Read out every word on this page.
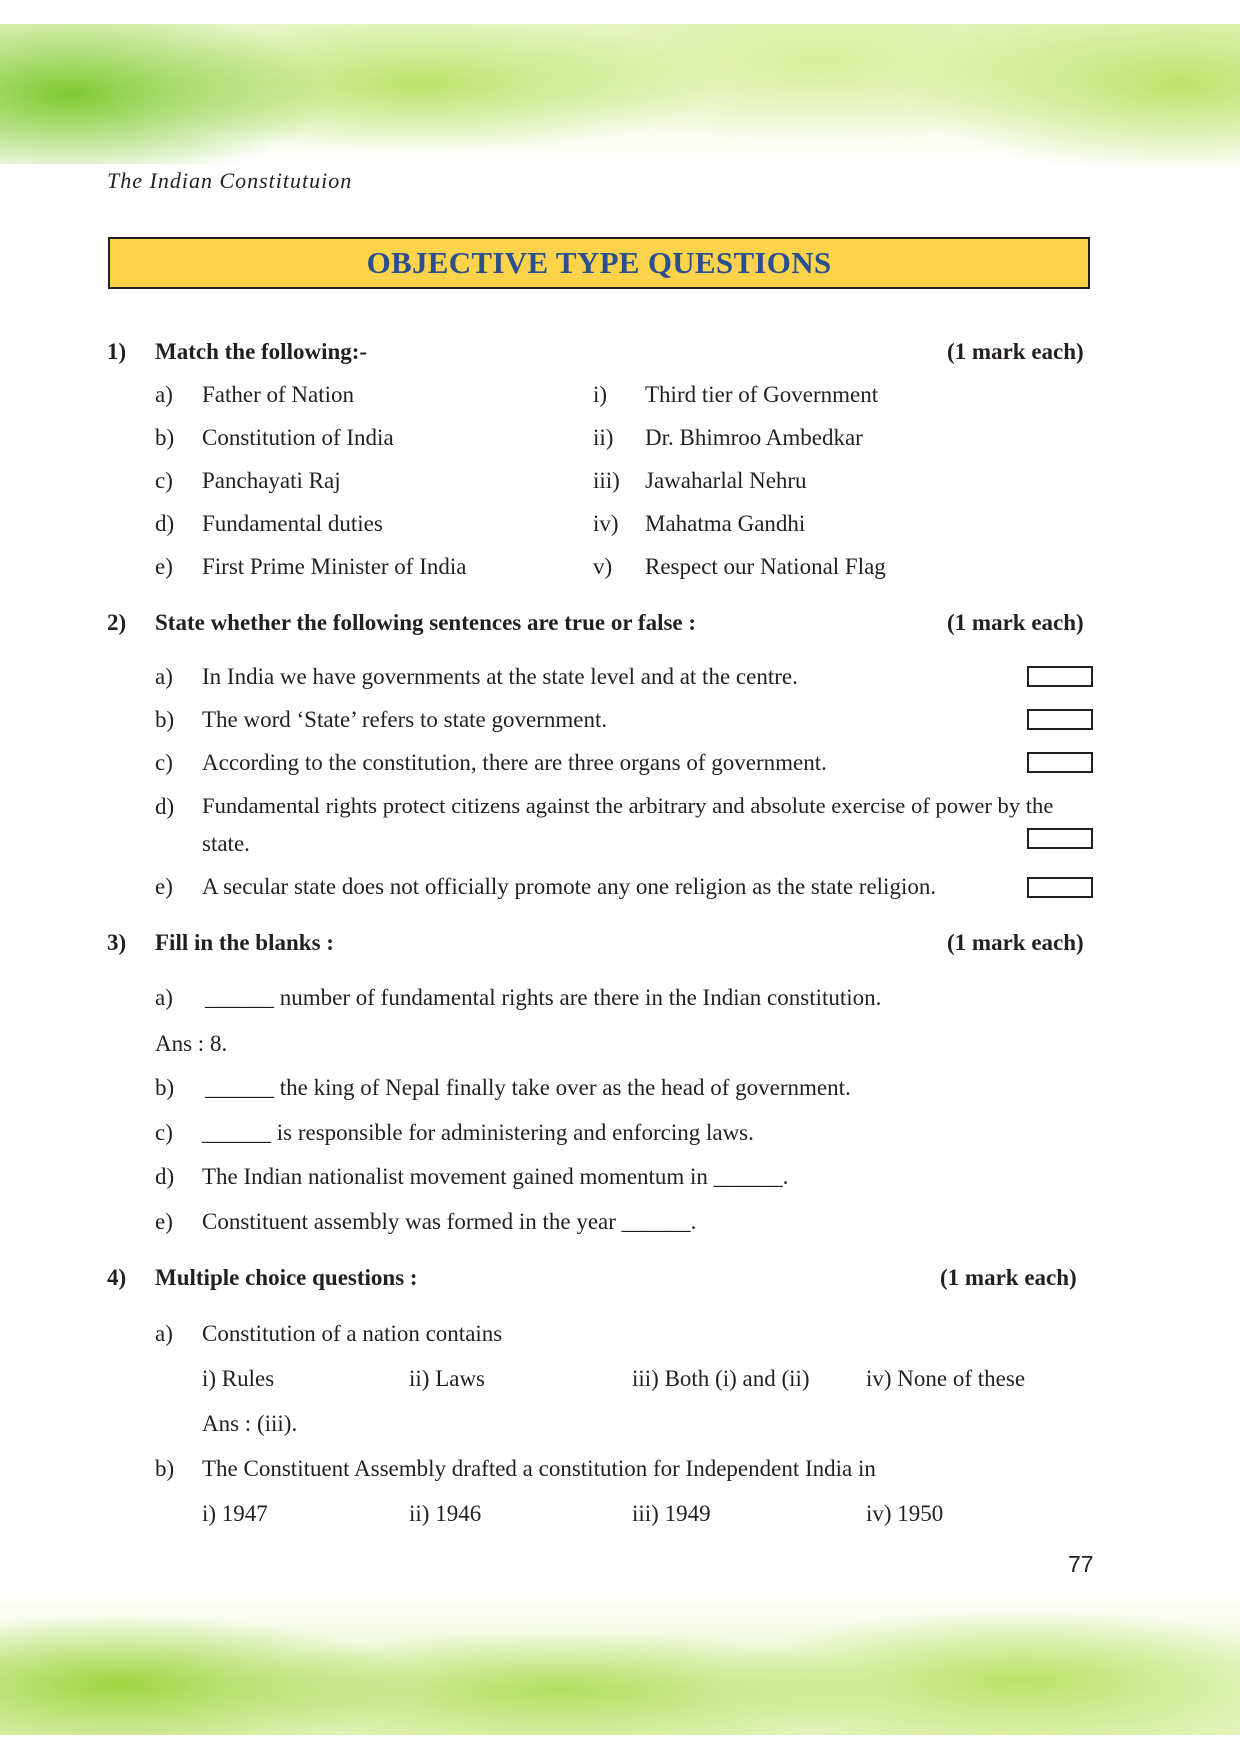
The Indian Constitutuion
OBJECTIVE TYPE QUESTIONS
1) Match the following:-	(1 mark each)
a) Father of Nation	i) Third tier of Government
b) Constitution of India	ii) Dr. Bhimroo Ambedkar
c) Panchayati Raj	iii) Jawaharlal Nehru
d) Fundamental duties	iv) Mahatma Gandhi
e) First Prime Minister of India	v) Respect our National Flag
2) State whether the following sentences are true or false :	(1 mark each)
a) In India we have governments at the state level and at the centre.
b) The word ‘State’ refers to state government.
c) According to the constitution, there are three organs of government.
d) Fundamental rights protect citizens against the arbitrary and absolute exercise of power by the
state.
e) A secular state does not officially promote any one religion as the state religion.
3) Fill in the blanks :	(1 mark each)
a) ______ number of fundamental rights are there in the Indian constitution.
Ans : 8.
b) ______ the king of Nepal finally take over as the head of government.
c) ______ is responsible for administering and enforcing laws.
d) The Indian nationalist movement gained momentum in ______.
e) Constituent assembly was formed in the year ______.
4) Multiple choice questions :	(1 mark each)
a) Constitution of a nation contains
i) Rules	ii) Laws	iii) Both (i) and (ii) iv) None of these
Ans : (iii).
b) The Constituent Assembly drafted a constitution for Independent India in
i) 1947	ii) 1946	iii) 1949	iv) 1950
77
